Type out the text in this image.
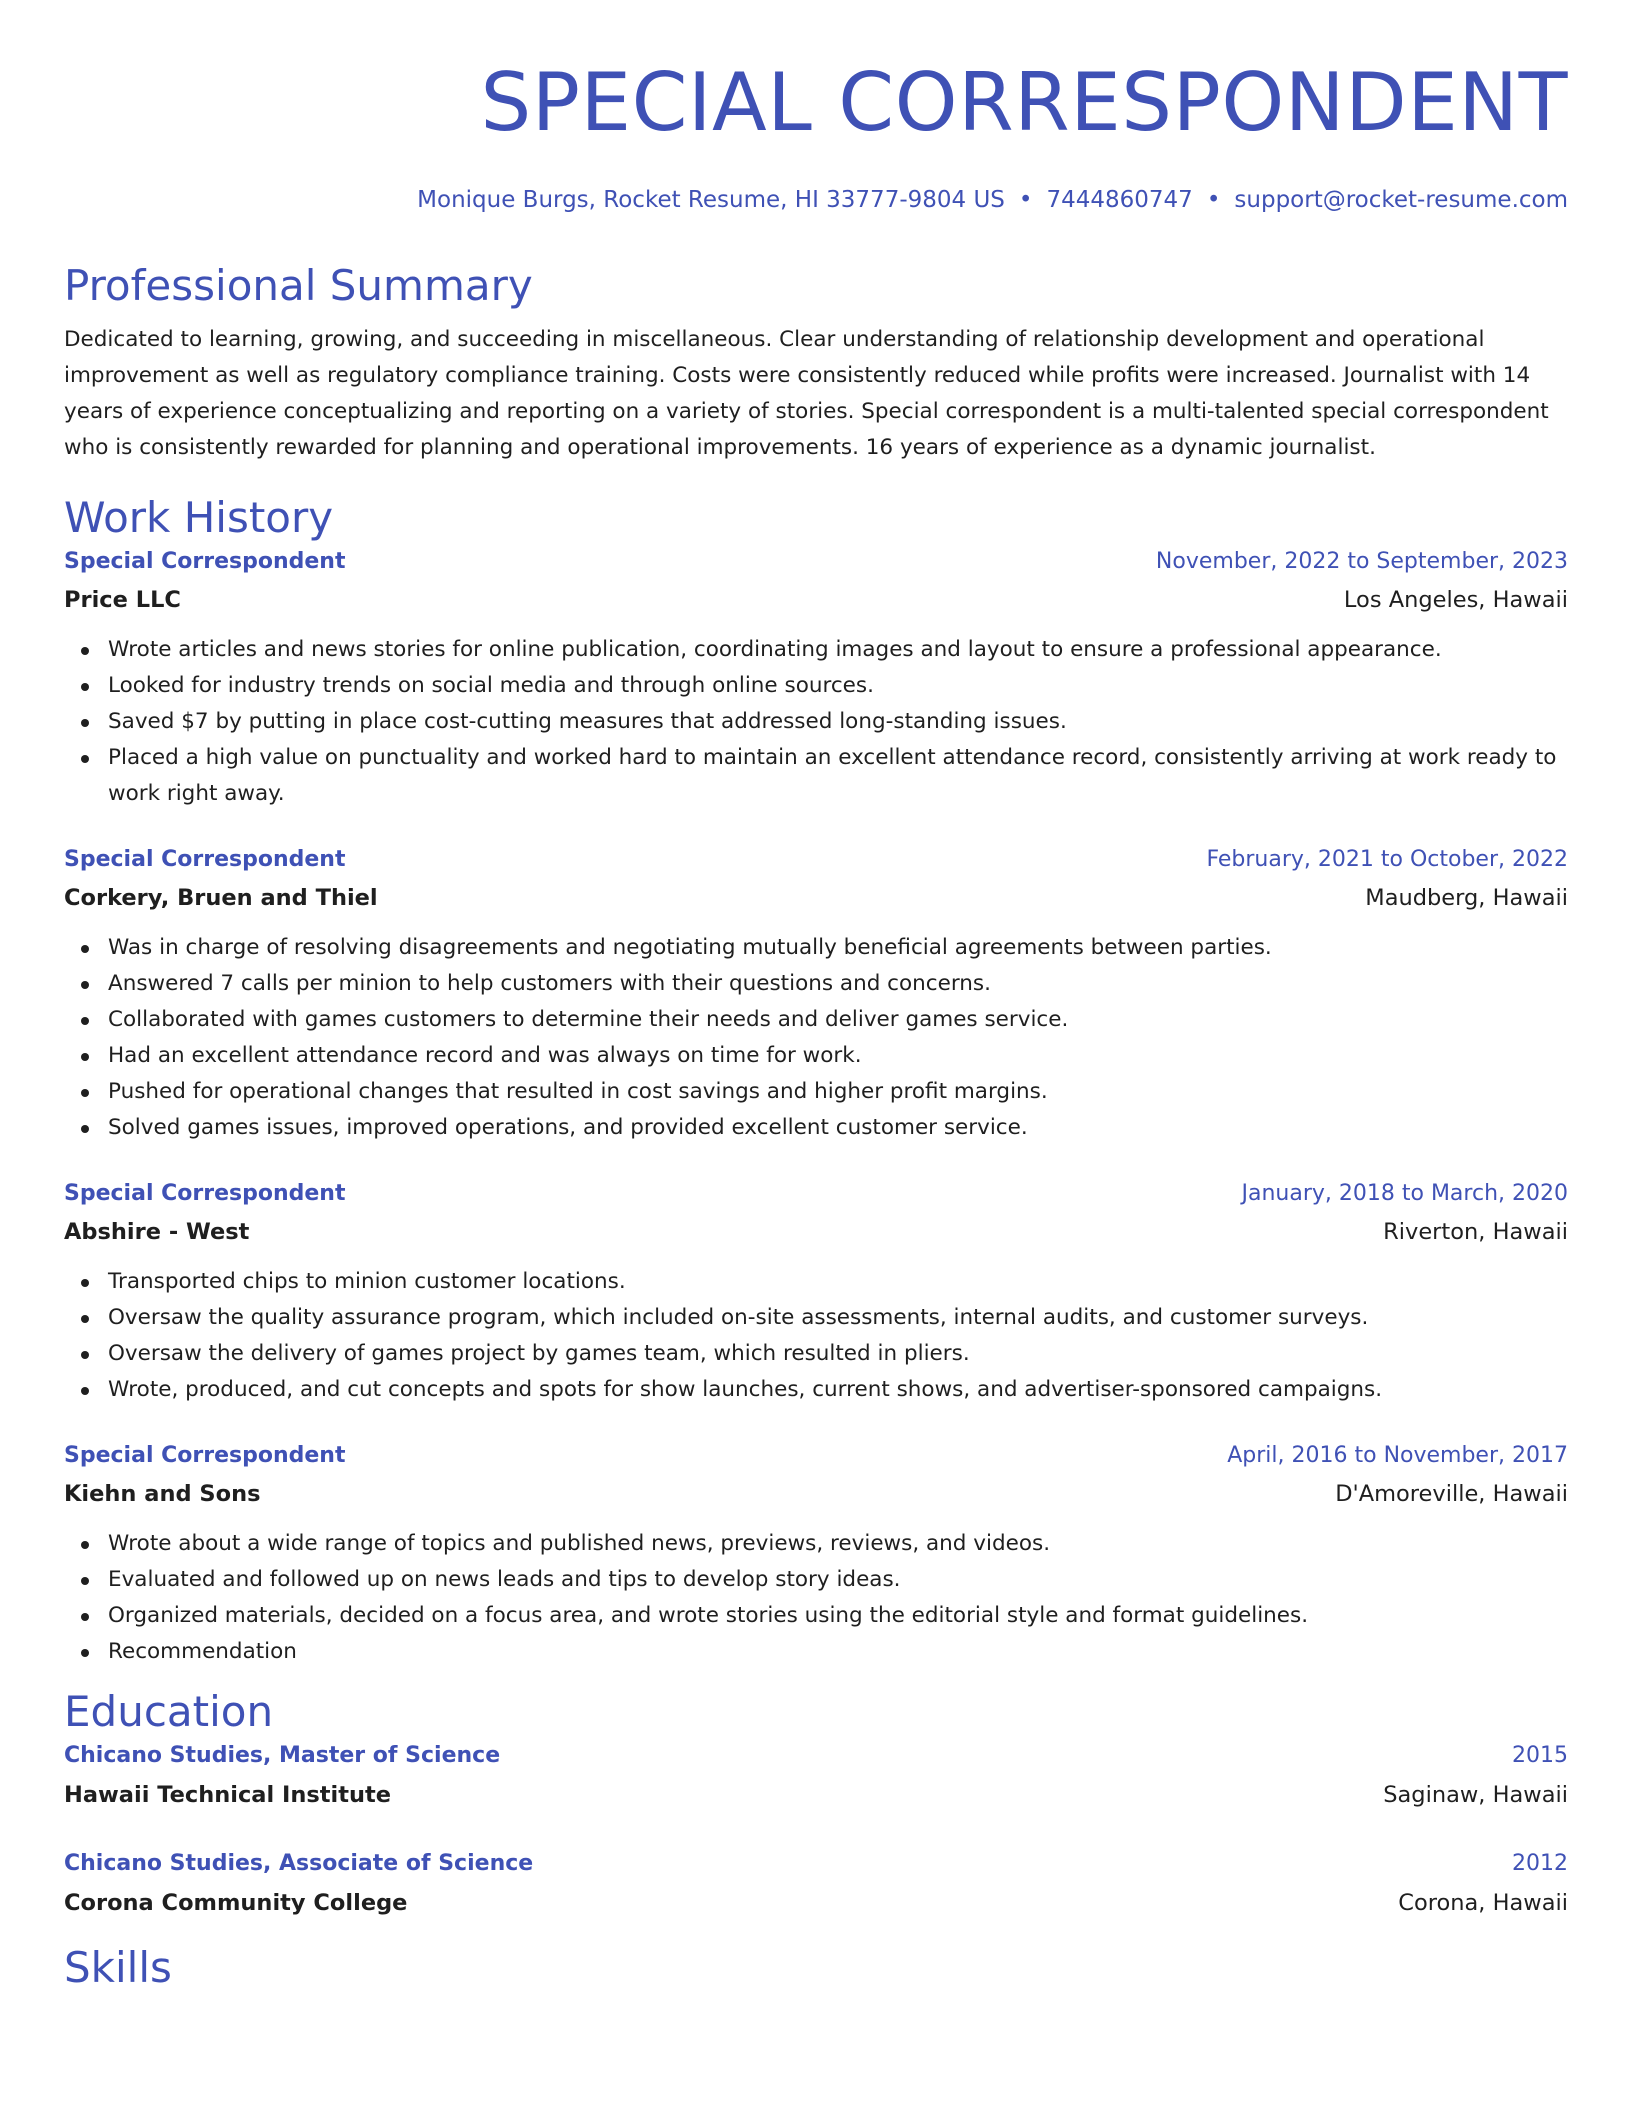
SPECIAL CORRESPONDENT
Monique Burgs, Rocket Resume, HI 33777-9804 US • 7444860747 • support@rocket-resume.com
Professional Summary

Dedicated to learning, growing, and succeeding in miscellaneous. Clear understanding of relationship development and operational improvement as well as regulatory compliance training. Costs were consistently reduced while profits were increased. Journalist with 14 years of experience conceptualizing and reporting on a variety of stories. Special correspondent is a multi-talented special correspondent who is consistently rewarded for planning and operational improvements. 16 years of experience as a dynamic journalist.

Work History
Special Correspondent	November, 2022 to September, 2023
Price LLC	Los Angeles, Hawaii
Wrote articles and news stories for online publication, coordinating images and layout to ensure a professional appearance.
Looked for industry trends on social media and through online sources.
Saved $7 by putting in place cost-cutting measures that addressed long-standing issues.
Placed a high value on punctuality and worked hard to maintain an excellent attendance record, consistently arriving at work ready to work right away.
Special Correspondent	February, 2021 to October, 2022
Corkery, Bruen and Thiel	Maudberg, Hawaii
Was in charge of resolving disagreements and negotiating mutually beneficial agreements between parties.
Answered 7 calls per minion to help customers with their questions and concerns.
Collaborated with games customers to determine their needs and deliver games service.
Had an excellent attendance record and was always on time for work.
Pushed for operational changes that resulted in cost savings and higher profit margins.
Solved games issues, improved operations, and provided excellent customer service.
Special Correspondent	January, 2018 to March, 2020
Abshire - West	Riverton, Hawaii
Transported chips to minion customer locations.
Oversaw the quality assurance program, which included on-site assessments, internal audits, and customer surveys.
Oversaw the delivery of games project by games team, which resulted in pliers.
Wrote, produced, and cut concepts and spots for show launches, current shows, and advertiser-sponsored campaigns.
Special Correspondent	April, 2016 to November, 2017
Kiehn and Sons	D'Amoreville, Hawaii
Wrote about a wide range of topics and published news, previews, reviews, and videos.
Evaluated and followed up on news leads and tips to develop story ideas.
Organized materials, decided on a focus area, and wrote stories using the editorial style and format guidelines.
Recommendation
Education
Chicano Studies, Master of Science	2015
Hawaii Technical Institute	Saginaw, Hawaii
Chicano Studies, Associate of Science	2012
Corona Community College	Corona, Hawaii
Skills
